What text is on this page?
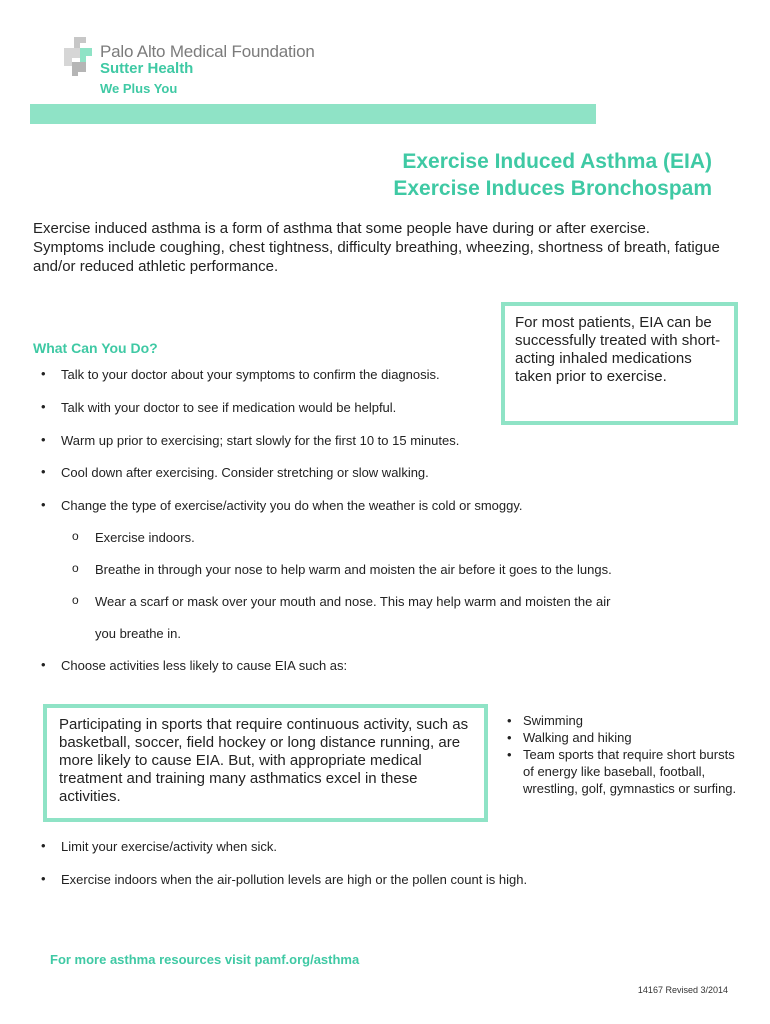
Palo Alto Medical Foundation
Sutter Health
We Plus You
Exercise Induced Asthma (EIA)
Exercise Induces Bronchospam
Exercise induced asthma is a form of asthma that some people have during or after exercise. Symptoms include coughing, chest tightness, difficulty breathing, wheezing, shortness of breath, fatigue and/or reduced athletic performance.
For most patients, EIA can be successfully treated with short-acting inhaled medications taken prior to exercise.
What Can You Do?
Talk to your doctor about your symptoms to confirm the diagnosis.
Talk with your doctor to see if medication would be helpful.
Warm up prior to exercising; start slowly for the first 10 to 15 minutes.
Cool down after exercising. Consider stretching or slow walking.
Change the type of exercise/activity you do when the weather is cold or smoggy.
Exercise indoors.
Breathe in through your nose to help warm and moisten the air before it goes to the lungs.
Wear a scarf or mask over your mouth and nose. This may help warm and moisten the air
you breathe in.
Choose activities less likely to cause EIA such as:
Participating in sports that require continuous activity, such as basketball, soccer, field hockey or long distance running, are more likely to cause EIA. But, with appropriate medical treatment and training many asthmatics excel in these activities.
• Swimming
• Walking and hiking
• Team sports that require short bursts of energy like baseball, football, wrestling, golf, gymnastics or surfing.
Limit your exercise/activity when sick.
Exercise indoors when the air-pollution levels are high or the pollen count is high.
For more asthma resources visit pamf.org/asthma
14167 Revised 3/2014
